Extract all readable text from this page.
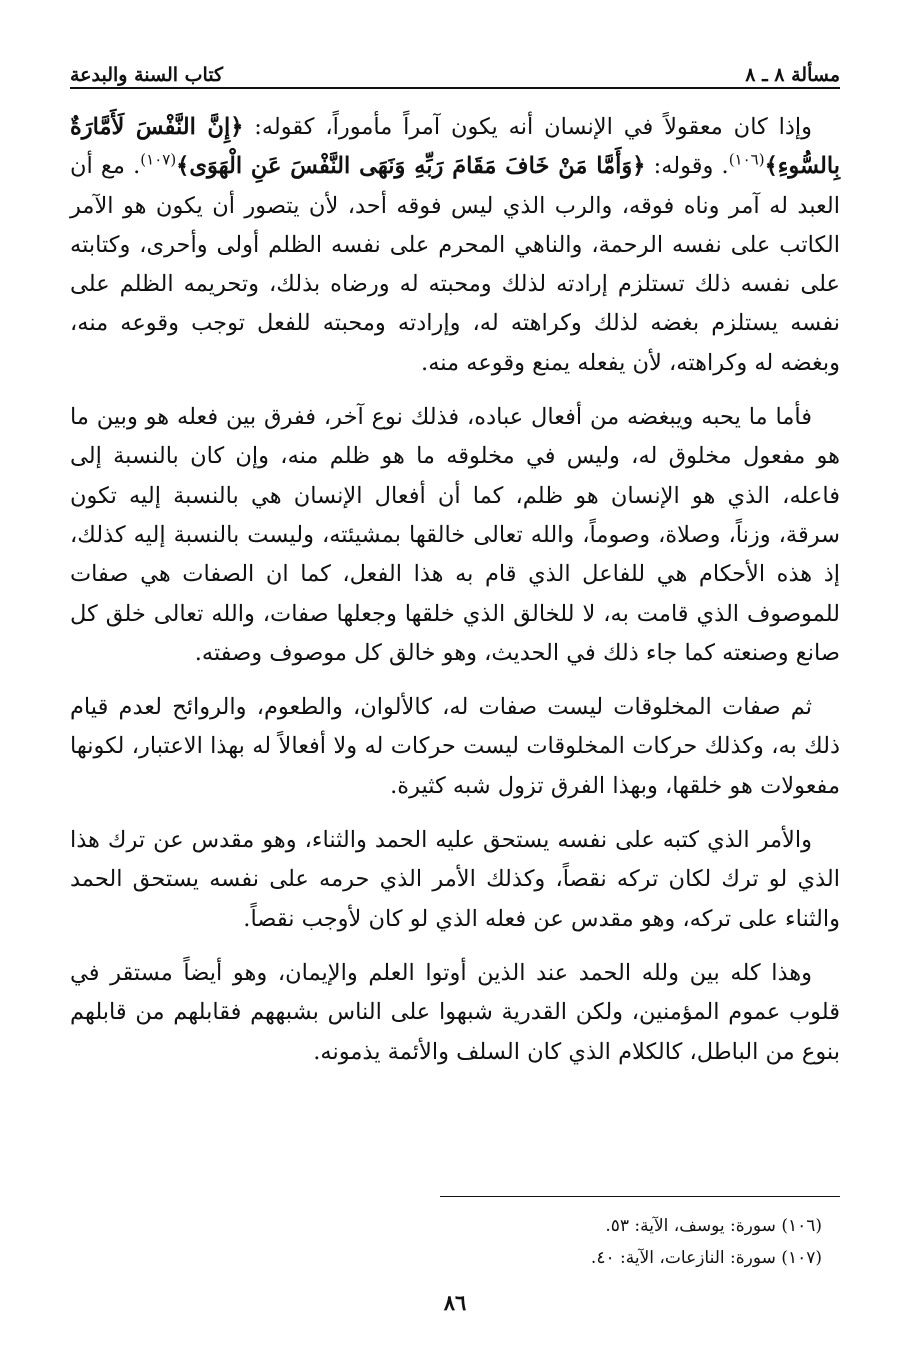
مسألة ٨ ـ ٨
كتاب السنة والبدعة

وإذا كان معقولاً في الإنسان أنه يكون آمراً مأموراً، كقوله: ﴿إِنَّ النَّفْسَ لَأَمَّارَةٌ بِالسُّوءِ﴾$^{(١٠٦)}$. وقوله: ﴿وَأَمَّا مَنْ خَافَ مَقَامَ رَبِّهِ وَنَهَى النَّفْسَ عَنِ الْهَوَى﴾$^{(١٠٧)}$. مع أن العبد له آمر وناه فوقه، والرب الذي ليس فوقه أحد، لأن يتصور أن يكون هو الآمر الكاتب على نفسه الرحمة، والناهي المحرم على نفسه الظلم أولى وأحرى، وكتابته على نفسه ذلك تستلزم إرادته لذلك ومحبته له ورضاه بذلك، وتحريمه الظلم على نفسه يستلزم بغضه لذلك وكراهته له، وإرادته ومحبته للفعل توجب وقوعه منه، وبغضه له وكراهته، لأن يفعله يمنع وقوعه منه.

فأما ما يحبه ويبغضه من أفعال عباده، فذلك نوع آخر، ففرق بين فعله هو وبين ما هو مفعول مخلوق له، وليس في مخلوقه ما هو ظلم منه، وإن كان بالنسبة إلى فاعله، الذي هو الإنسان هو ظلم، كما أن أفعال الإنسان هي بالنسبة إليه تكون سرقة، وزناً، وصلاة، وصوماً، والله تعالى خالقها بمشيئته، وليست بالنسبة إليه كذلك، إذ هذه الأحكام هي للفاعل الذي قام به هذا الفعل، كما ان الصفات هي صفات للموصوف الذي قامت به، لا للخالق الذي خلقها وجعلها صفات، والله تعالى خلق كل صانع وصنعته كما جاء ذلك في الحديث، وهو خالق كل موصوف وصفته.

ثم صفات المخلوقات ليست صفات له، كالألوان، والطعوم، والروائح لعدم قيام ذلك به، وكذلك حركات المخلوقات ليست حركات له ولا أفعالاً له بهذا الاعتبار، لكونها مفعولات هو خلقها، وبهذا الفرق تزول شبه كثيرة.

والأمر الذي كتبه على نفسه يستحق عليه الحمد والثناء، وهو مقدس عن ترك هذا الذي لو ترك لكان تركه نقصاً، وكذلك الأمر الذي حرمه على نفسه يستحق الحمد والثناء على تركه، وهو مقدس عن فعله الذي لو كان لأوجب نقصاً.

وهذا كله بين ولله الحمد عند الذين أوتوا العلم والإيمان، وهو أيضاً مستقر في قلوب عموم المؤمنين، ولكن القدرية شبهوا على الناس بشبههم فقابلهم من قابلهم بنوع من الباطل، كالكلام الذي كان السلف والأئمة يذمونه.

(١٠٦) سورة: يوسف، الآية: ٥٣.
(١٠٧) سورة: النازعات، الآية: ٤٠.
٨٦
